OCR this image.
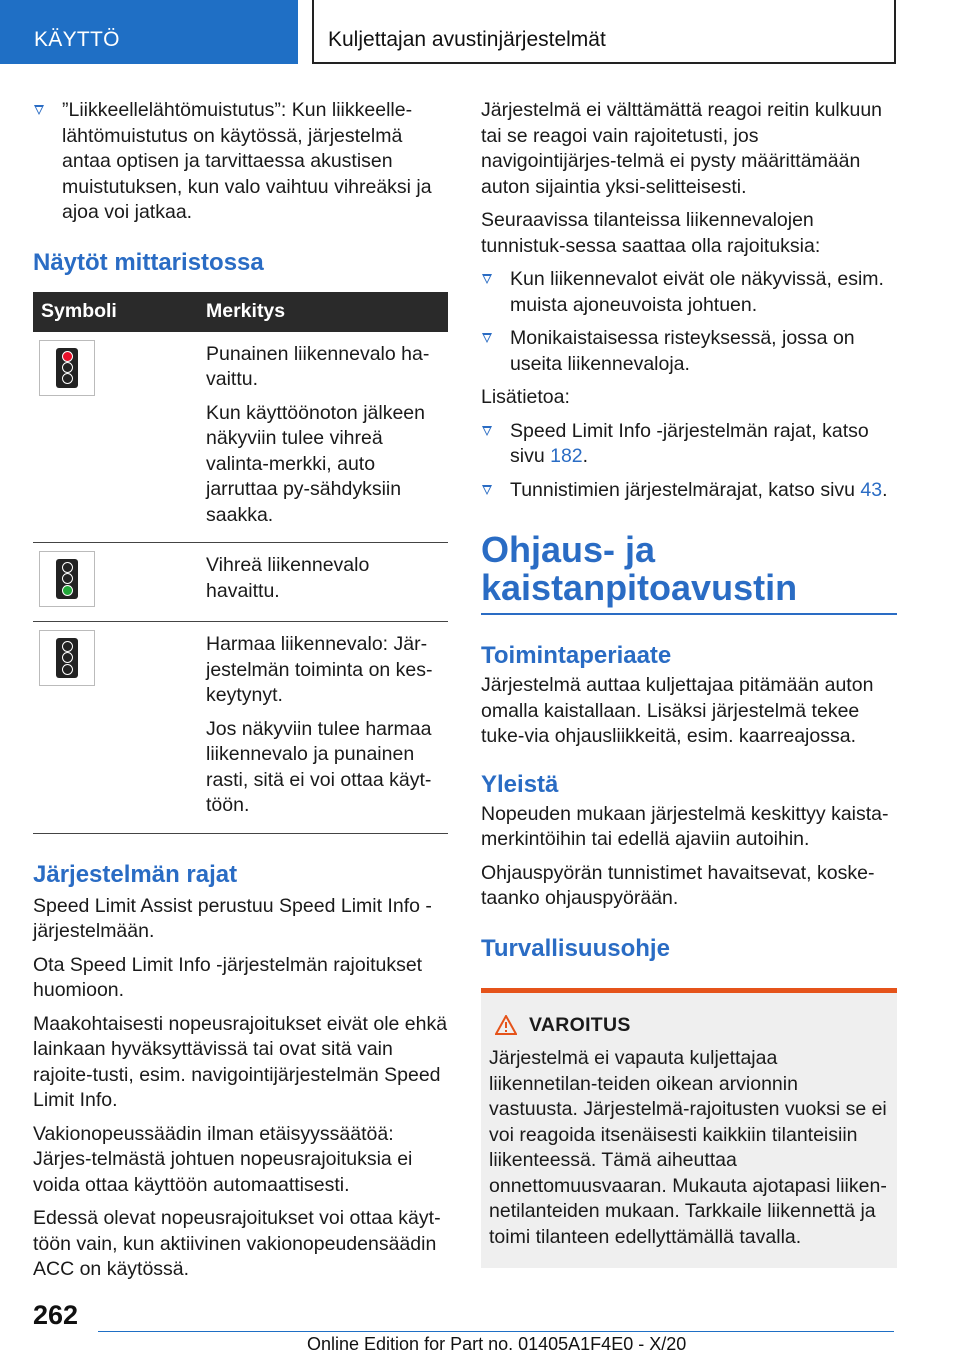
KÄYTTÖ	Kuljettajan avustinjärjestelmät
”Liikkeellelähtömuistutus”: Kun liikkeelle-lähtömuistutus on käytössä, järjestelmä antaa optisen ja tarvittaessa akustisen muistutuksen, kun valo vaihtuu vihreäksi ja ajoa voi jatkaa.
Näytöt mittaristossa
Symboli	Merkitys

	Punainen liikennevalo ha-vaittu.

Kun käyttöönoton jälkeen näkyviin tulee vihreä valinta-merkki, auto jarruttaa py-sähdyksiin saakka.

	Vihreä liikennevalo havaittu.

	Harmaa liikennevalo: Jär-jestelmän toiminta on kes-keytynyt.

Jos näkyviin tulee harmaa liikennevalo ja punainen rasti, sitä ei voi ottaa käyt-töön.

Järjestelmän rajat

Speed Limit Assist perustuu Speed Limit Info -järjestelmään.

Ota Speed Limit Info -järjestelmän rajoitukset huomioon.

Maakohtaisesti nopeusrajoitukset eivät ole ehkä lainkaan hyväksyttävissä tai ovat sitä vain rajoite-tusti, esim. navigointijärjestelmän Speed Limit Info.

Vakionopeussäädin ilman etäisyyssäätöä: Järjes-telmästä johtuen nopeusrajoituksia ei voida ottaa käyttöön automaattisesti.

Edessä olevat nopeusrajoitukset voi ottaa käyt-töön vain, kun aktiivinen vakionopeudensäädin ACC on käytössä.

Järjestelmä ei välttämättä reagoi reitin kulkuun tai se reagoi vain rajoitetusti, jos navigointijärjes-telmä ei pysty määrittämään auton sijaintia yksi-selitteisesti.

Seuraavissa tilanteissa liikennevalojen tunnistuk-sessa saattaa olla rajoituksia:

Kun liikennevalot eivät ole näkyvissä, esim. muista ajoneuvoista johtuen.
Monikaistaisessa risteyksessä, jossa on useita liikennevaloja.

Lisätietoa:

Speed Limit Info -järjestelmän rajat, katso sivu 182.
Tunnistimien järjestelmärajat, katso sivu 43.
Ohjaus- ja
kaistanpitoavustin
Toimintaperiaate

Järjestelmä auttaa kuljettajaa pitämään auton omalla kaistallaan. Lisäksi järjestelmä tekee tuke-via ohjausliikkeitä, esim. kaarreajossa.

Yleistä

Nopeuden mukaan järjestelmä keskittyy kaista-merkintöihin tai edellä ajaviin autoihin.

Ohjauspyörän tunnistimet havaitsevat, koske-taanko ohjauspyörään.

Turvallisuusohje
VAROITUS

Järjestelmä ei vapauta kuljettajaa liikennetilan-teiden oikean arvionnin vastuusta. Järjestelmä-rajoitusten vuoksi se ei voi reagoida itsenäisesti kaikkiin tilanteisiin liikenteessä. Tämä aiheuttaa onnettomuusvaaran. Mukauta ajotapasi liiken-netilanteiden mukaan. Tarkkaile liikennettä ja toimi tilanteen edellyttämällä tavalla.

262
Online Edition for Part no. 01405A1F4E0 - X/20
